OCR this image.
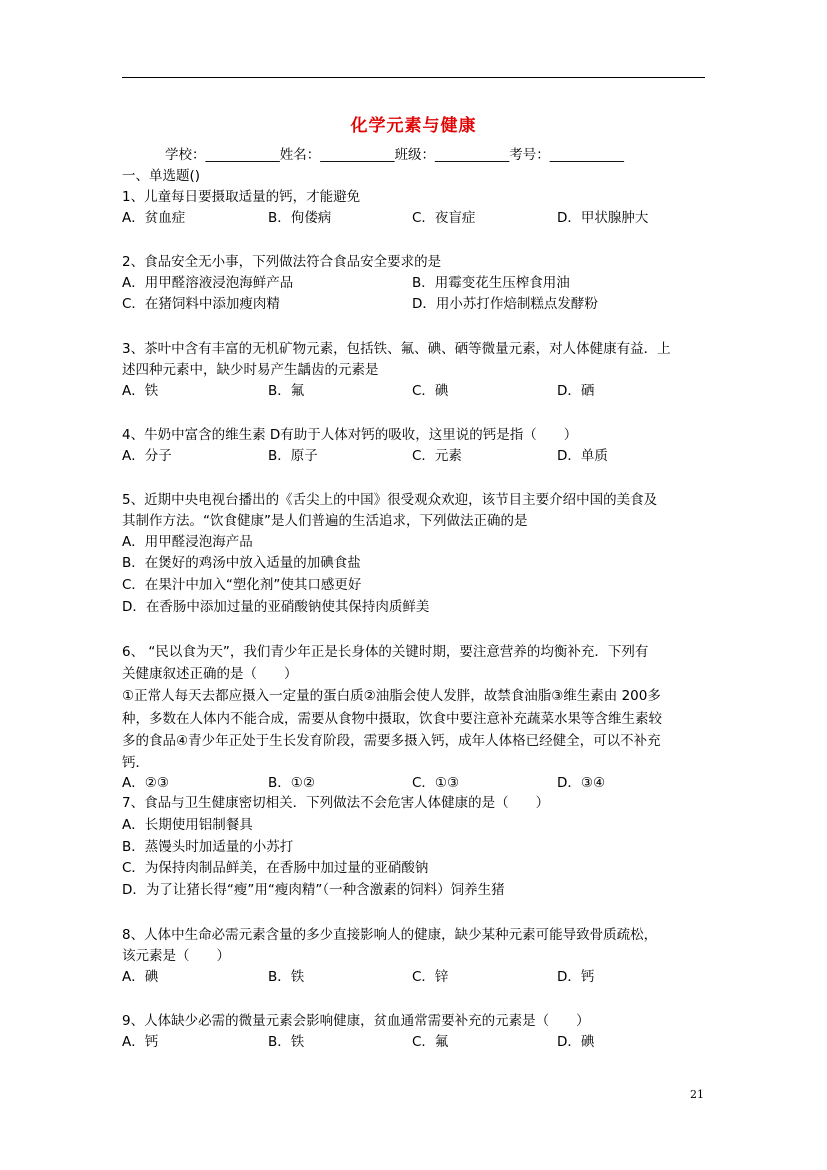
化学元素与健康
学校：___________姓名：___________班级：___________考号：___________
一、单选题()
1、儿童每日要摄取适量的钙，才能避免
A．贫血症	B．佝偻病	C．夜盲症	D．甲状腺肿大
2、食品安全无小事，下列做法符合食品安全要求的是
A．用甲醛溶液浸泡海鲜产品	B．用霉变花生压榨食用油
C．在猪饲料中添加瘦肉精	D．用小苏打作焙制糕点发酵粉
3、茶叶中含有丰富的无机矿物元素，包括铁、氟、碘、硒等微量元素，对人体健康有益．上
述四种元素中，缺少时易产生龋齿的元素是
A．铁	B．氟	C．碘	D．硒
4、牛奶中富含的维生素 D有助于人体对钙的吸收，这里说的钙是指（　　）
A．分子	B．原子	C．元素	D．单质
5、近期中央电视台播出的《舌尖上的中国》很受观众欢迎，该节目主要介绍中国的美食及
其制作方法。“饮食健康”是人们普遍的生活追求，下列做法正确的是
A．用甲醛浸泡海产品
B．在煲好的鸡汤中放入适量的加碘食盐
C．在果汁中加入“塑化剂”使其口感更好
D．在香肠中添加过量的亚硝酸钠使其保持肉质鲜美
6、 “民以食为天”，我们青少年正是长身体的关键时期，要注意营养的均衡补充．下列有
关健康叙述正确的是（　　）
①正常人每天去都应摄入一定量的蛋白质②油脂会使人发胖，故禁食油脂③维生素由 200多
种，多数在人体内不能合成，需要从食物中摄取，饮食中要注意补充蔬菜水果等含维生素较
多的食品④青少年正处于生长发育阶段，需要多摄入钙，成年人体格已经健全，可以不补充
钙．
A．②③	B．①②	C．①③	D．③④
7、食品与卫生健康密切相关．下列做法不会危害人体健康的是（　　）
A．长期使用铝制餐具
B．蒸馒头时加适量的小苏打
C．为保持肉制品鲜美，在香肠中加过量的亚硝酸钠
D．为了让猪长得“瘦”用“瘦肉精”（一种含激素的饲料）饲养生猪
8、人体中生命必需元素含量的多少直接影响人的健康，缺少某种元素可能导致骨质疏松，
该元素是（　　）
A．碘	B．铁	C．锌	D．钙
9、人体缺少必需的微量元素会影响健康，贫血通常需要补充的元素是（　　）
A．钙	B．铁	C．氟	D．碘
21
